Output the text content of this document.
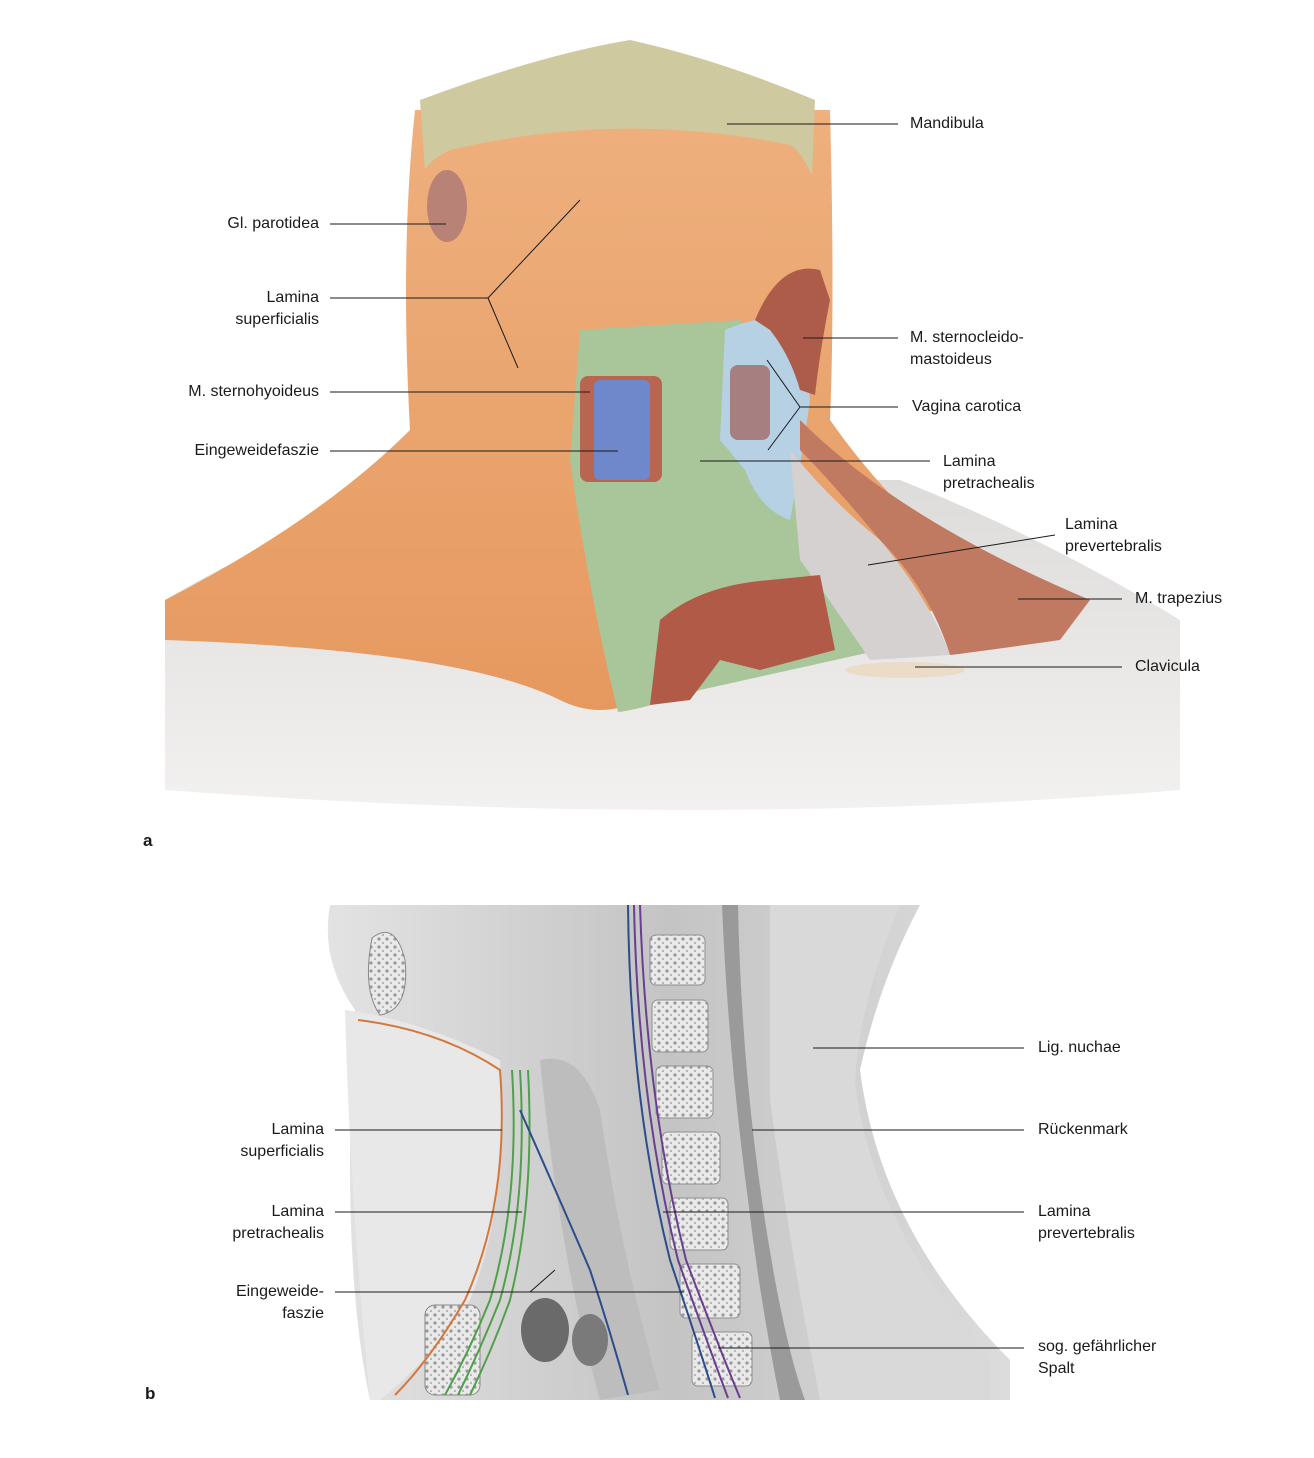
Mandibula
Gl. parotidea
Lamina
superficialis
M. sternohyoideus
Eingeweidefaszie
M. sternocleido-
mastoideus
Vagina carotica
Lamina
pretrachealis
Lamina
prevertebralis
M. trapezius
Clavicula
a
Lamina
superficialis
Lamina
pretrachealis
Eingeweide-
faszie
Lig. nuchae
Rückenmark
Lamina
prevertebralis
sog. gefährlicher
Spalt
b
